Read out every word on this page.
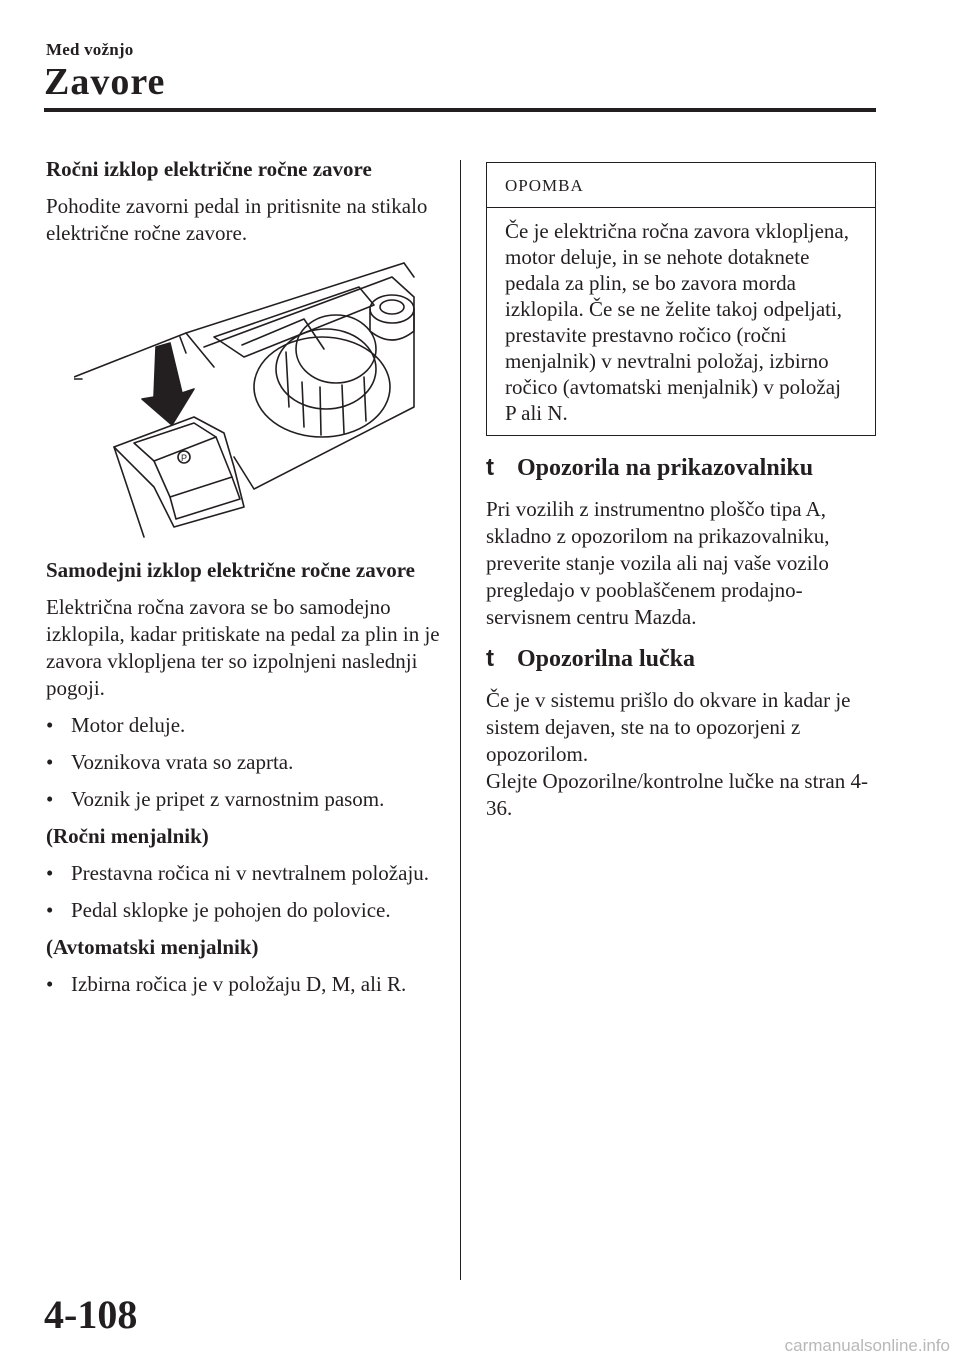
Med vožnjo
Zavore
Ročni izklop električne ročne zavore

Pohodite zavorni pedal in pritisnite na stikalo električne ročne zavore.

P
Samodejni izklop električne ročne zavore

Električna ročna zavora se bo samodejno izklopila, kadar pritiskate na pedal za plin in je zavora vklopljena ter so izpolnjeni naslednji pogoji.

• Motor deluje.
• Voznikova vrata so zaprta.
• Voznik je pripet z varnostnim pasom.
(Ročni menjalnik)
• Prestavna ročica ni v nevtralnem položaju.
• Pedal sklopke je pohojen do polovice.
(Avtomatski menjalnik)
• Izbirna ročica je v položaju D, M, ali R.
OPOMBA
Če je električna ročna zavora vklopljena, motor deluje, in se nehote dotaknete pedala za plin, se bo zavora morda izklopila. Če se ne želite takoj odpeljati, prestavite prestavno ročico (ročni menjalnik) v nevtralni položaj, izbirno ročico (avtomatski menjalnik) v položaj P ali N.
t Opozorila na prikazovalniku

Pri vozilih z instrumentno ploščo tipa A, skladno z opozorilom na prikazovalniku, preverite stanje vozila ali naj vaše vozilo pregledajo v pooblaščenem prodajno-servisnem centru Mazda.

t Opozorilna lučka

Če je v sistemu prišlo do okvare in kadar je sistem dejaven, ste na to opozorjeni z opozorilom.

Glejte Opozorilne/kontrolne lučke na stran 4-36.

4-108
carmanualsonline.info
